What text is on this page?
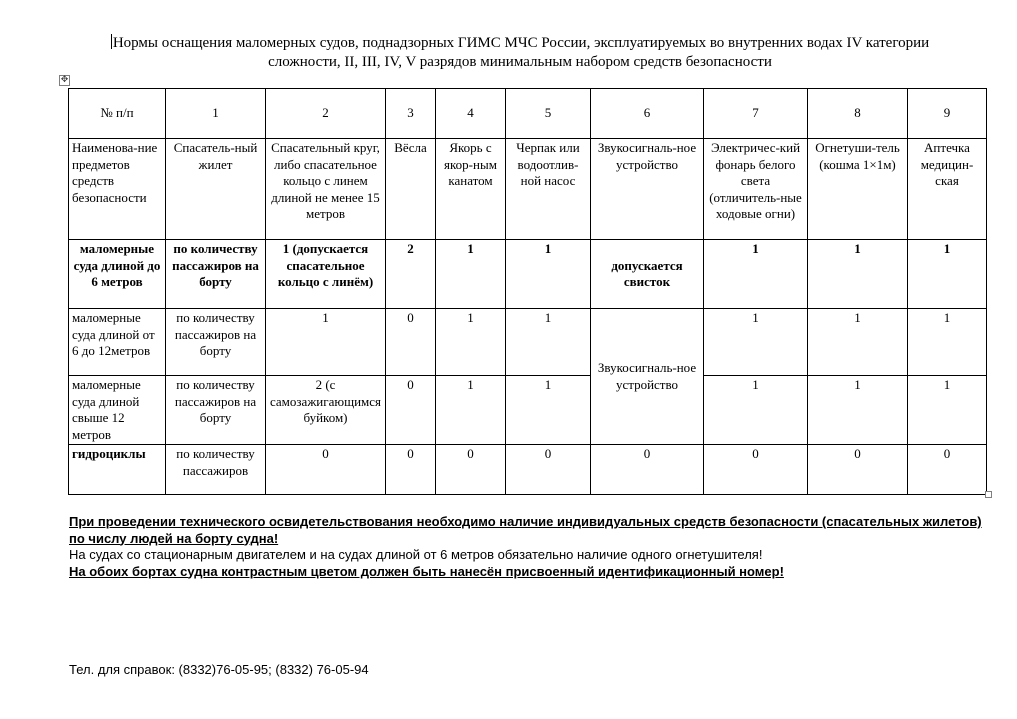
Нормы оснащения маломерных судов, поднадзорных ГИМС МЧС России, эксплуатируемых во внутренних водах IV категории сложности, II, III, IV, V разрядов минимальным набором средств безопасности
✥
№ п/п	1	2	3	4	5	6	7	8	9
Наименова-ние предметов средств безопасности	Спасатель-ный жилет	Спасательный круг, либо спасательное кольцо с линем длиной не менее 15 метров	Вёсла	Якорь с якор-ным канатом	Черпак или водоотлив-ной насос	Звукосигналь-ное устройство	Электричес-кий фонарь белого света (отличитель-ные ходовые огни)	Огнетуши-тель (кошма 1×1м)	Аптечка медицин-ская
маломерные суда длиной до 6 метров	по количеству пассажиров на борту	1 (допускается спасательное кольцо с линём)	2	1	1	допускается свисток	1	1	1
маломерные суда длиной от 6 до 12метров	по количеству пассажиров на борту	1	0	1	1	Звукосигналь-ное устройство	1	1	1
маломерные суда длиной свыше 12 метров	по количеству пассажиров на борту	2 (с самозажигающимся буйком)	0	1	1		1	1	1
гидроциклы	по количеству пассажиров	0	0	0	0	0	0	0	0
При проведении технического освидетельствования необходимо наличие индивидуальных средств безопасности (спасательных жилетов) по числу людей на борту судна!
На судах со стационарным двигателем и на судах длиной от 6 метров обязательно наличие одного огнетушителя!
На обоих бортах судна контрастным цветом должен быть нанесён присвоенный идентификационный номер!
Тел. для справок: (8332)76-05-95; (8332) 76-05-94
